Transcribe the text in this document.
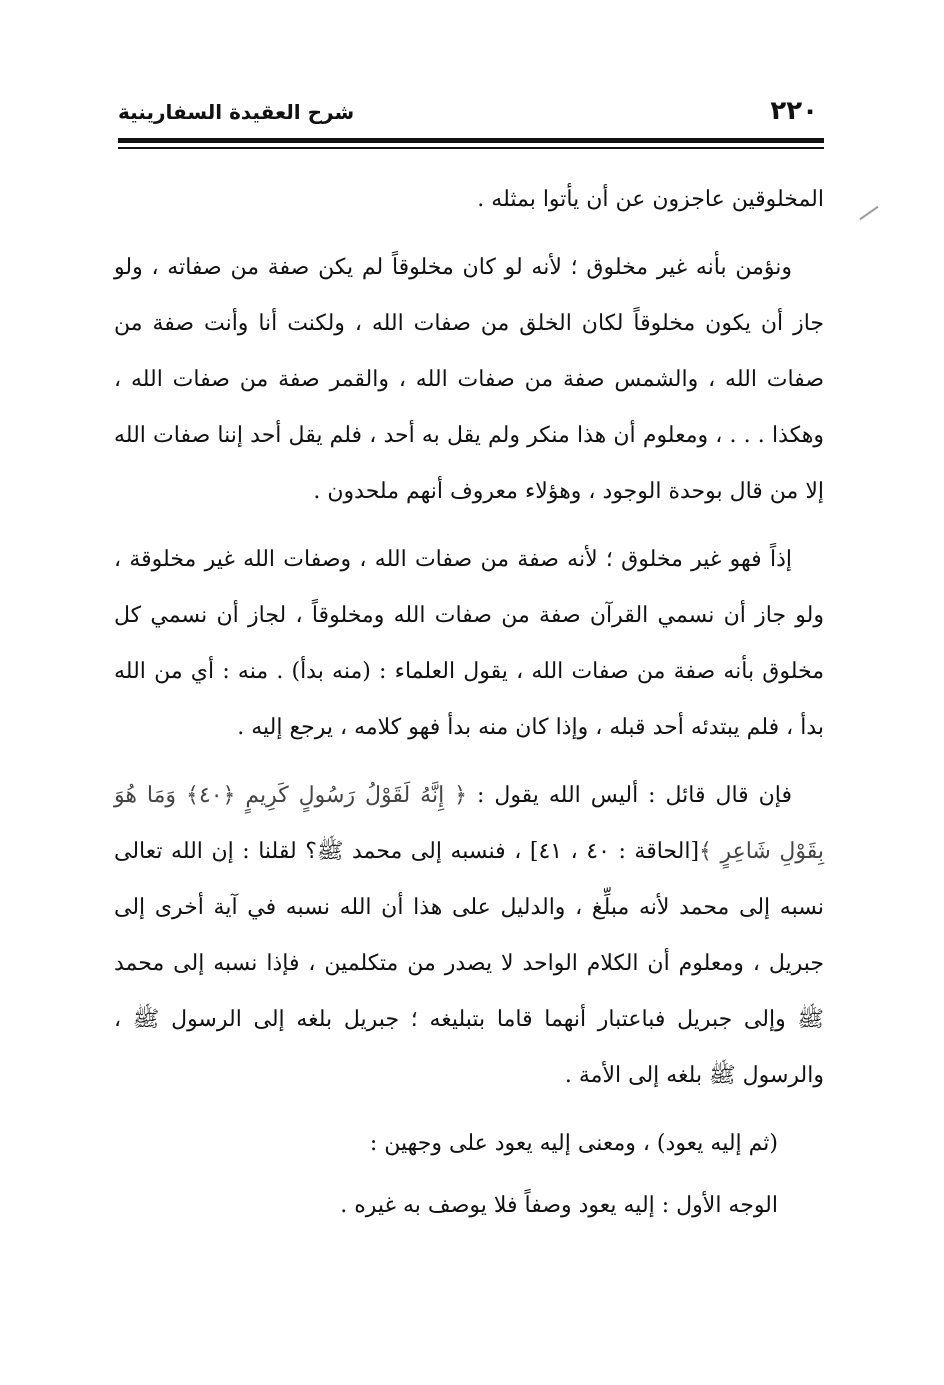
٢٢٠
شرح العقيدة السفارينية

المخلوقين عاجزون عن أن يأتوا بمثله .

ونؤمن بأنه غير مخلوق ؛ لأنه لو كان مخلوقاً لم يكن صفة من صفاته ، ولو جاز أن يكون مخلوقاً لكان الخلق من صفات الله ، ولكنت أنا وأنت صفة من صفات الله ، والشمس صفة من صفات الله ، والقمر صفة من صفات الله ، وهكذا . . . ، ومعلوم أن هذا منكر ولم يقل به أحد ، فلم يقل أحد إننا صفات الله إلا من قال بوحدة الوجود ، وهؤلاء معروف أنهم ملحدون .

إذاً فهو غير مخلوق ؛ لأنه صفة من صفات الله ، وصفات الله غير مخلوقة ، ولو جاز أن نسمي القرآن صفة من صفات الله ومخلوقاً ، لجاز أن نسمي كل مخلوق بأنه صفة من صفات الله ، يقول العلماء : (منه بدأ) . منه : أي من الله بدأ ، فلم يبتدئه أحد قبله ، وإذا كان منه بدأ فهو كلامه ، يرجع إليه .

فإن قال قائل : أليس الله يقول : ﴿ إِنَّهُ لَقَوْلُ رَسُولٍ كَرِيمٍ ﴿٤٠﴾ وَمَا هُوَ بِقَوْلِ شَاعِرٍ ﴾[الحاقة : ٤٠ ، ٤١] ، فنسبه إلى محمد ﷺ؟ لقلنا : إن الله تعالى نسبه إلى محمد لأنه مبلِّغ ، والدليل على هذا أن الله نسبه في آية أخرى إلى جبريل ، ومعلوم أن الكلام الواحد لا يصدر من متكلمين ، فإذا نسبه إلى محمد ﷺ وإلى جبريل فباعتبار أنهما قاما بتبليغه ؛ جبريل بلغه إلى الرسول ﷺ ، والرسول ﷺ بلغه إلى الأمة .

(ثم إليه يعود) ، ومعنى إليه يعود على وجهين :

الوجه الأول : إليه يعود وصفاً فلا يوصف به غيره .
